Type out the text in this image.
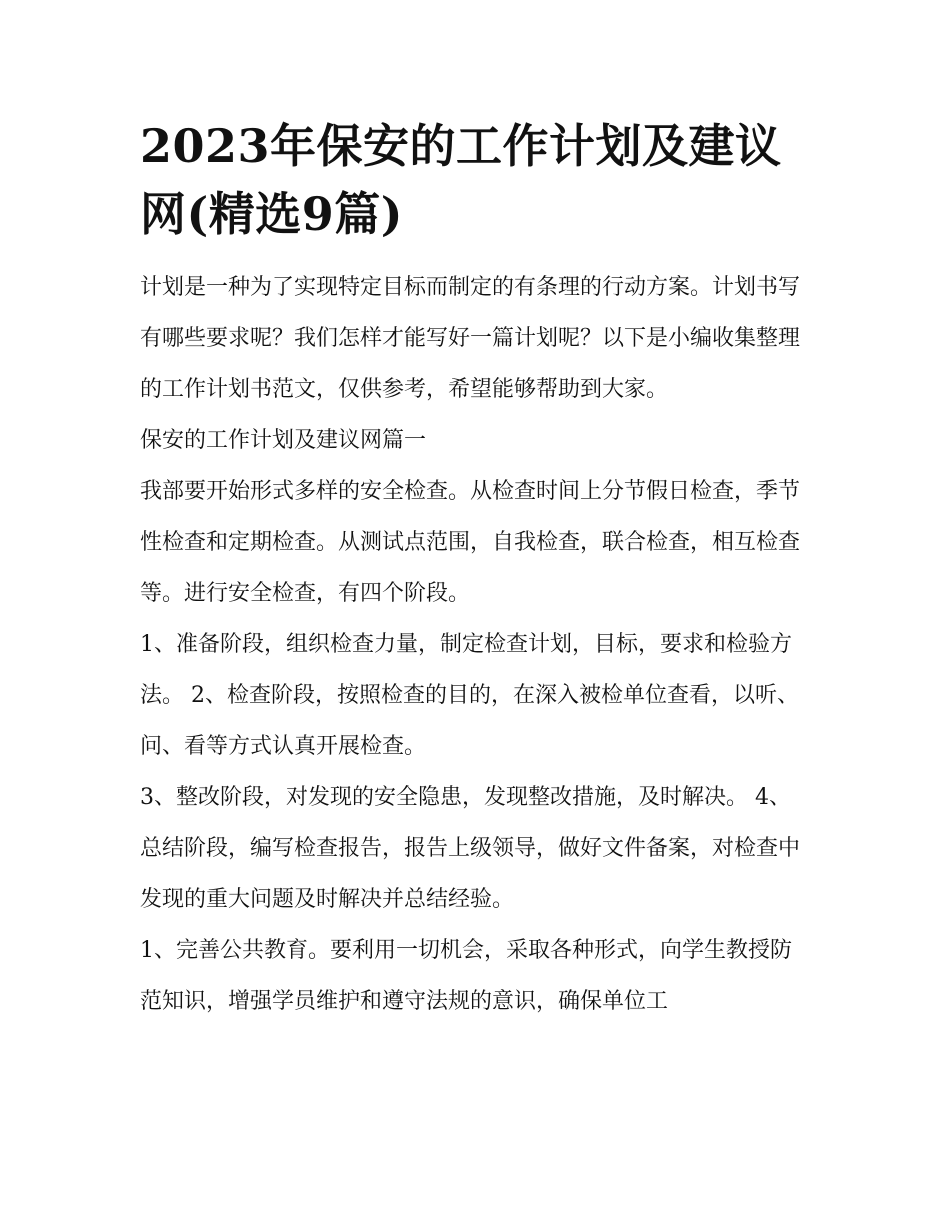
2023年保安的工作计划及建议网(精选9篇)

计划是一种为了实现特定目标而制定的有条理的行动方案。计划书写有哪些要求呢？我们怎样才能写好一篇计划呢？以下是小编收集整理的工作计划书范文，仅供参考，希望能够帮助到大家。

保安的工作计划及建议网篇一

我部要开始形式多样的安全检查。从检查时间上分节假日检查，季节性检查和定期检查。从测试点范围，自我检查，联合检查，相互检查等。进行安全检查，有四个阶段。

1、准备阶段，组织检查力量，制定检查计划，目标，要求和检验方法。 2、检查阶段，按照检查的目的，在深入被检单位查看，以听、问、看等方式认真开展检查。

3、整改阶段，对发现的安全隐患，发现整改措施，及时解决。 4、总结阶段，编写检查报告，报告上级领导，做好文件备案，对检查中发现的重大问题及时解决并总结经验。

1、完善公共教育。要利用一切机会，采取各种形式，向学生教授防范知识，增强学员维护和遵守法规的意识，确保单位工
